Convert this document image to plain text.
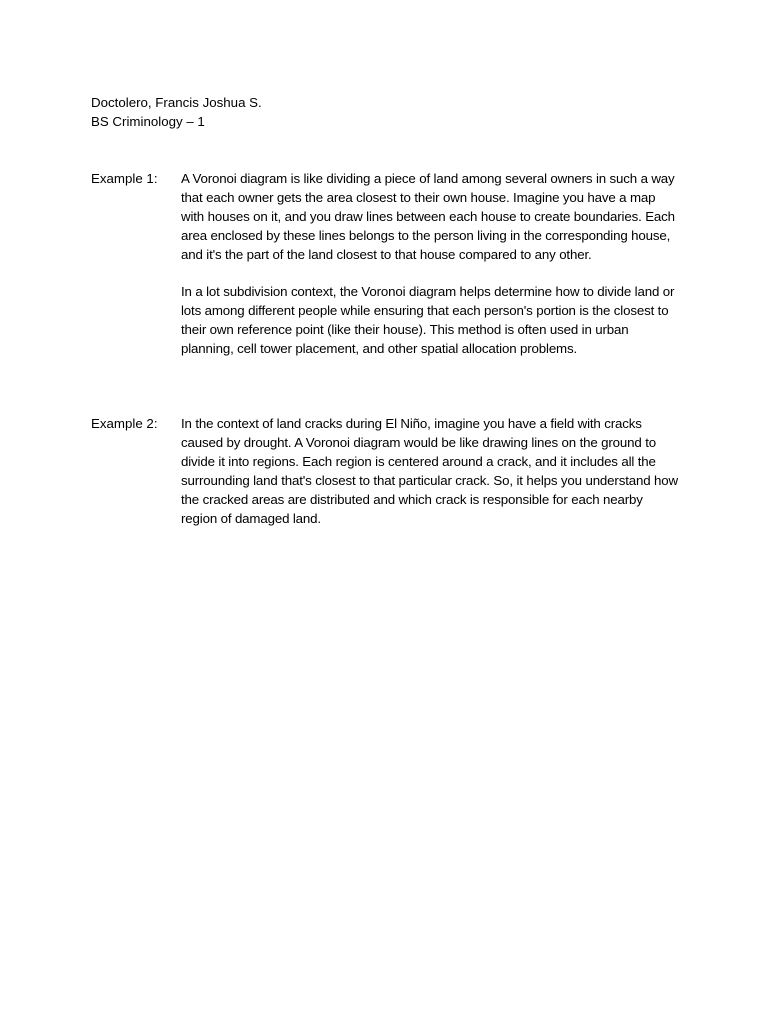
Doctolero, Francis Joshua S.
BS Criminology – 1
Example 1: A Voronoi diagram is like dividing a piece of land among several owners in such a way that each owner gets the area closest to their own house. Imagine you have a map with houses on it, and you draw lines between each house to create boundaries. Each area enclosed by these lines belongs to the person living in the corresponding house, and it's the part of the land closest to that house compared to any other.

In a lot subdivision context, the Voronoi diagram helps determine how to divide land or lots among different people while ensuring that each person's portion is the closest to their own reference point (like their house). This method is often used in urban planning, cell tower placement, and other spatial allocation problems.

Example 2: In the context of land cracks during El Niño, imagine you have a field with cracks caused by drought. A Voronoi diagram would be like drawing lines on the ground to divide it into regions. Each region is centered around a crack, and it includes all the surrounding land that's closest to that particular crack. So, it helps you understand how the cracked areas are distributed and which crack is responsible for each nearby region of damaged land.
